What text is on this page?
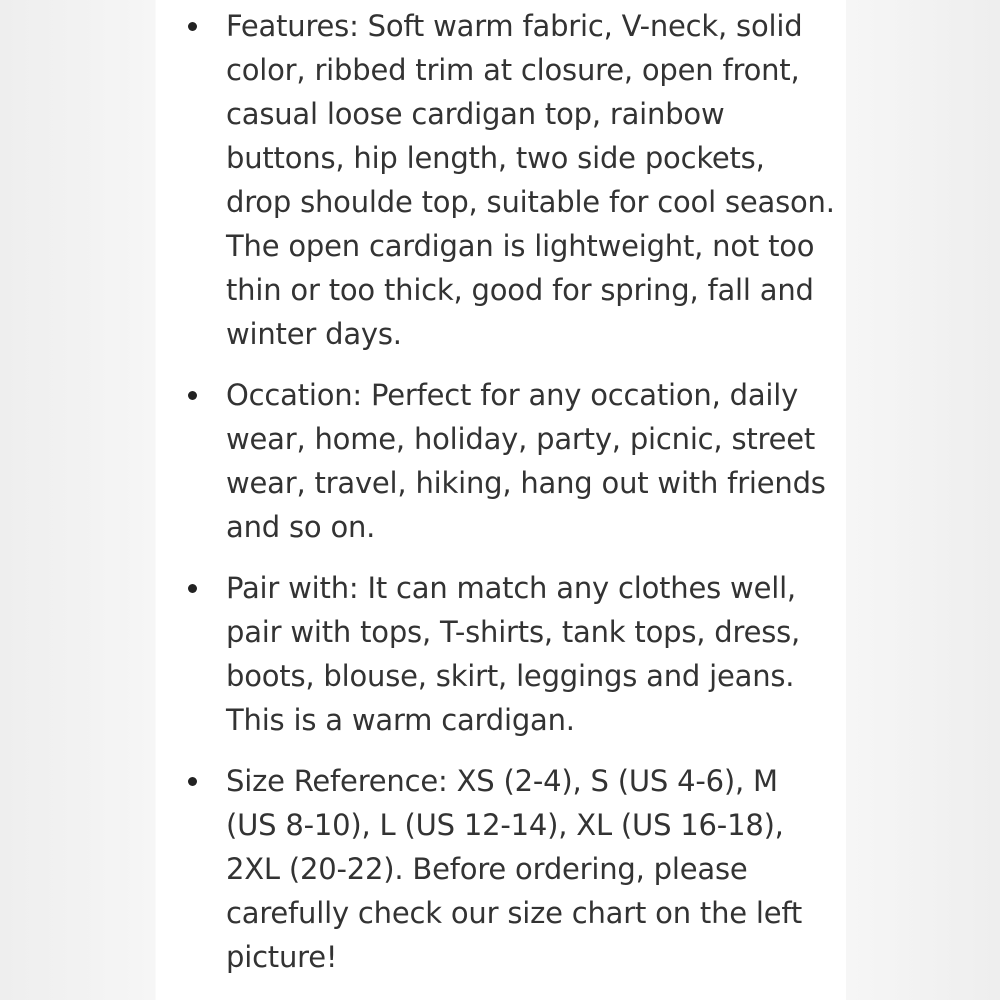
Features: Soft warm fabric, V-neck, solid color, ribbed trim at closure, open front, casual loose cardigan top, rainbow buttons, hip length, two side pockets, drop shoulde top, suitable for cool season. The open cardigan is lightweight, not too thin or too thick, good for spring, fall and winter days.
Occation: Perfect for any occation, daily wear, home, holiday, party, picnic, street wear, travel, hiking, hang out with friends and so on.
Pair with: It can match any clothes well, pair with tops, T-shirts, tank tops, dress, boots, blouse, skirt, leggings and jeans. This is a warm cardigan.
Size Reference: XS (2-4), S (US 4-6), M (US 8-10), L (US 12-14), XL (US 16-18), 2XL (20-22). Before ordering, please carefully check our size chart on the left picture!
